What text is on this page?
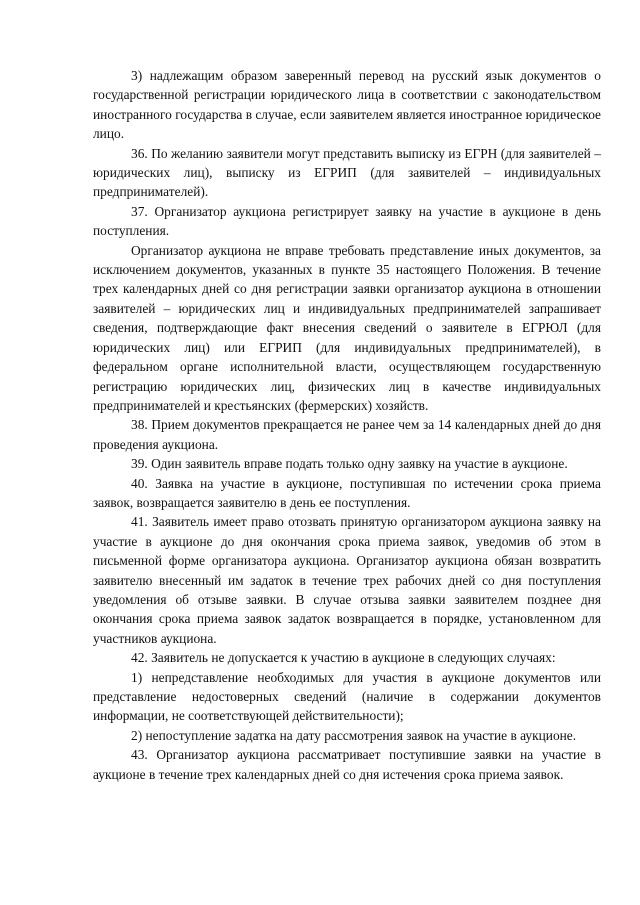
3) надлежащим образом заверенный перевод на русский язык документов о государственной регистрации юридического лица в соответствии с законодательством иностранного государства в случае, если заявителем является иностранное юридическое лицо.

36. По желанию заявители могут представить выписку из ЕГРН (для заявителей – юридических лиц), выписку из ЕГРИП (для заявителей – индивидуальных предпринимателей).

37. Организатор аукциона регистрирует заявку на участие в аукционе в день поступления.

Организатор аукциона не вправе требовать представление иных документов, за исключением документов, указанных в пункте 35 настоящего Положения. В течение трех календарных дней со дня регистрации заявки организатор аукциона в отношении заявителей – юридических лиц и индивидуальных предпринимателей запрашивает сведения, подтверждающие факт внесения сведений о заявителе в ЕГРЮЛ (для юридических лиц) или ЕГРИП (для индивидуальных предпринимателей), в федеральном органе исполнительной власти, осуществляющем государственную регистрацию юридических лиц, физических лиц в качестве индивидуальных предпринимателей и крестьянских (фермерских) хозяйств.

38. Прием документов прекращается не ранее чем за 14 календарных дней до дня проведения аукциона.

39. Один заявитель вправе подать только одну заявку на участие в аукционе.

40. Заявка на участие в аукционе, поступившая по истечении срока приема заявок, возвращается заявителю в день ее поступления.

41. Заявитель имеет право отозвать принятую организатором аукциона заявку на участие в аукционе до дня окончания срока приема заявок, уведомив об этом в письменной форме организатора аукциона. Организатор аукциона обязан возвратить заявителю внесенный им задаток в течение трех рабочих дней со дня поступления уведомления об отзыве заявки. В случае отзыва заявки заявителем позднее дня окончания срока приема заявок задаток возвращается в порядке, установленном для участников аукциона.

42. Заявитель не допускается к участию в аукционе в следующих случаях:

1) непредставление необходимых для участия в аукционе документов или представление недостоверных сведений (наличие в содержании документов информации, не соответствующей действительности);

2) непоступление задатка на дату рассмотрения заявок на участие в аукционе.

43. Организатор аукциона рассматривает поступившие заявки на участие в аукционе в течение трех календарных дней со дня истечения срока приема заявок.
